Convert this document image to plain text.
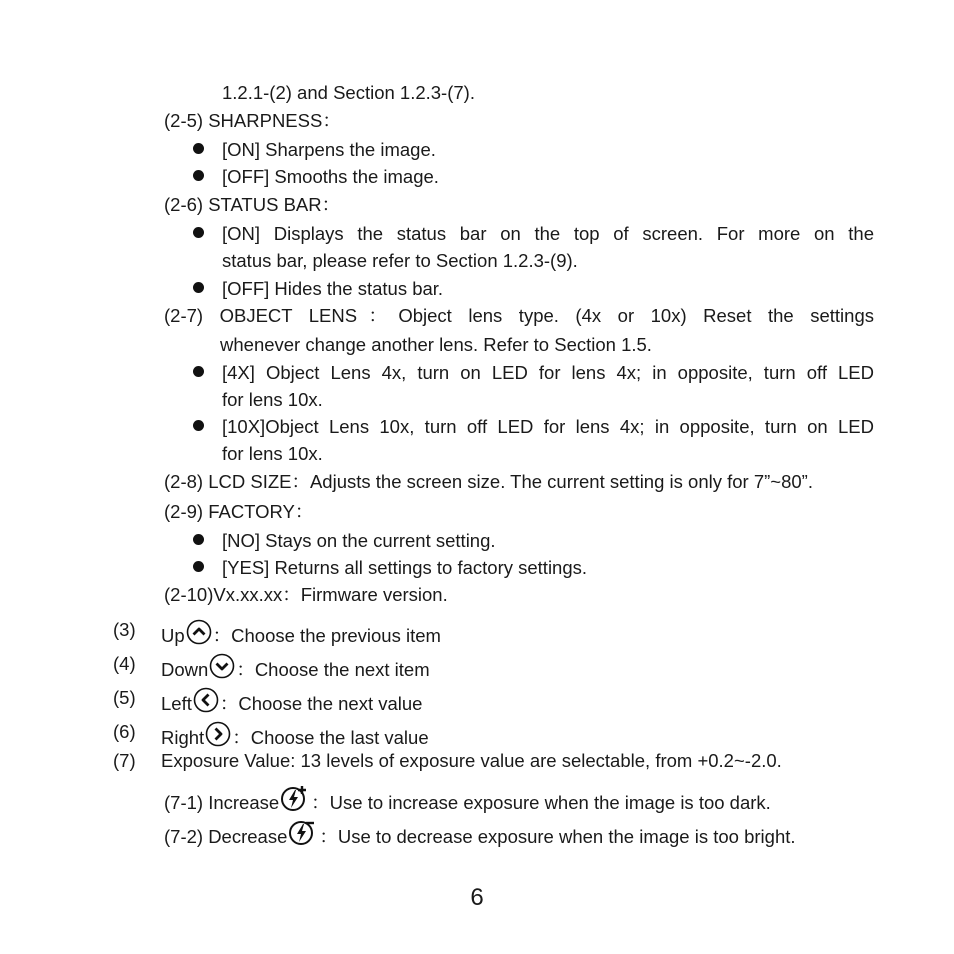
1.2.1-(2) and Section 1.2.3-(7).
(2-5) SHARPNESS：
[ON] Sharpens the image.
[OFF] Smooths the image.
(2-6) STATUS BAR：
[ON] Displays the status bar on the top of screen. For more on the
status bar, please refer to Section 1.2.3-(9).
[OFF] Hides the status bar.
(2-7) OBJECT LENS：Object lens type. (4x or 10x) Reset the settings
whenever change another lens. Refer to Section 1.5.
[4X] Object Lens 4x, turn on LED for lens 4x; in opposite, turn off LED
for lens 10x.
[10X]Object Lens 10x, turn off LED for lens 4x; in opposite, turn on LED
for lens 10x.
(2-8) LCD SIZE：Adjusts the screen size. The current setting is only for 7”~80”.
(2-9) FACTORY：
[NO] Stays on the current setting.
[YES] Returns all settings to factory settings.
(2-10)Vx.xx.xx：Firmware version.
(3) Up ：Choose the previous item
(4) Down ：Choose the next item
(5) Left ：Choose the next value
(6) Right ：Choose the last value
(7) Exposure Value: 13 levels of exposure value are selectable, from +0.2~-2.0.
(7-1) Increase ：Use to increase exposure when the image is too dark.
(7-2) Decrease ：Use to decrease exposure when the image is too bright.
6
